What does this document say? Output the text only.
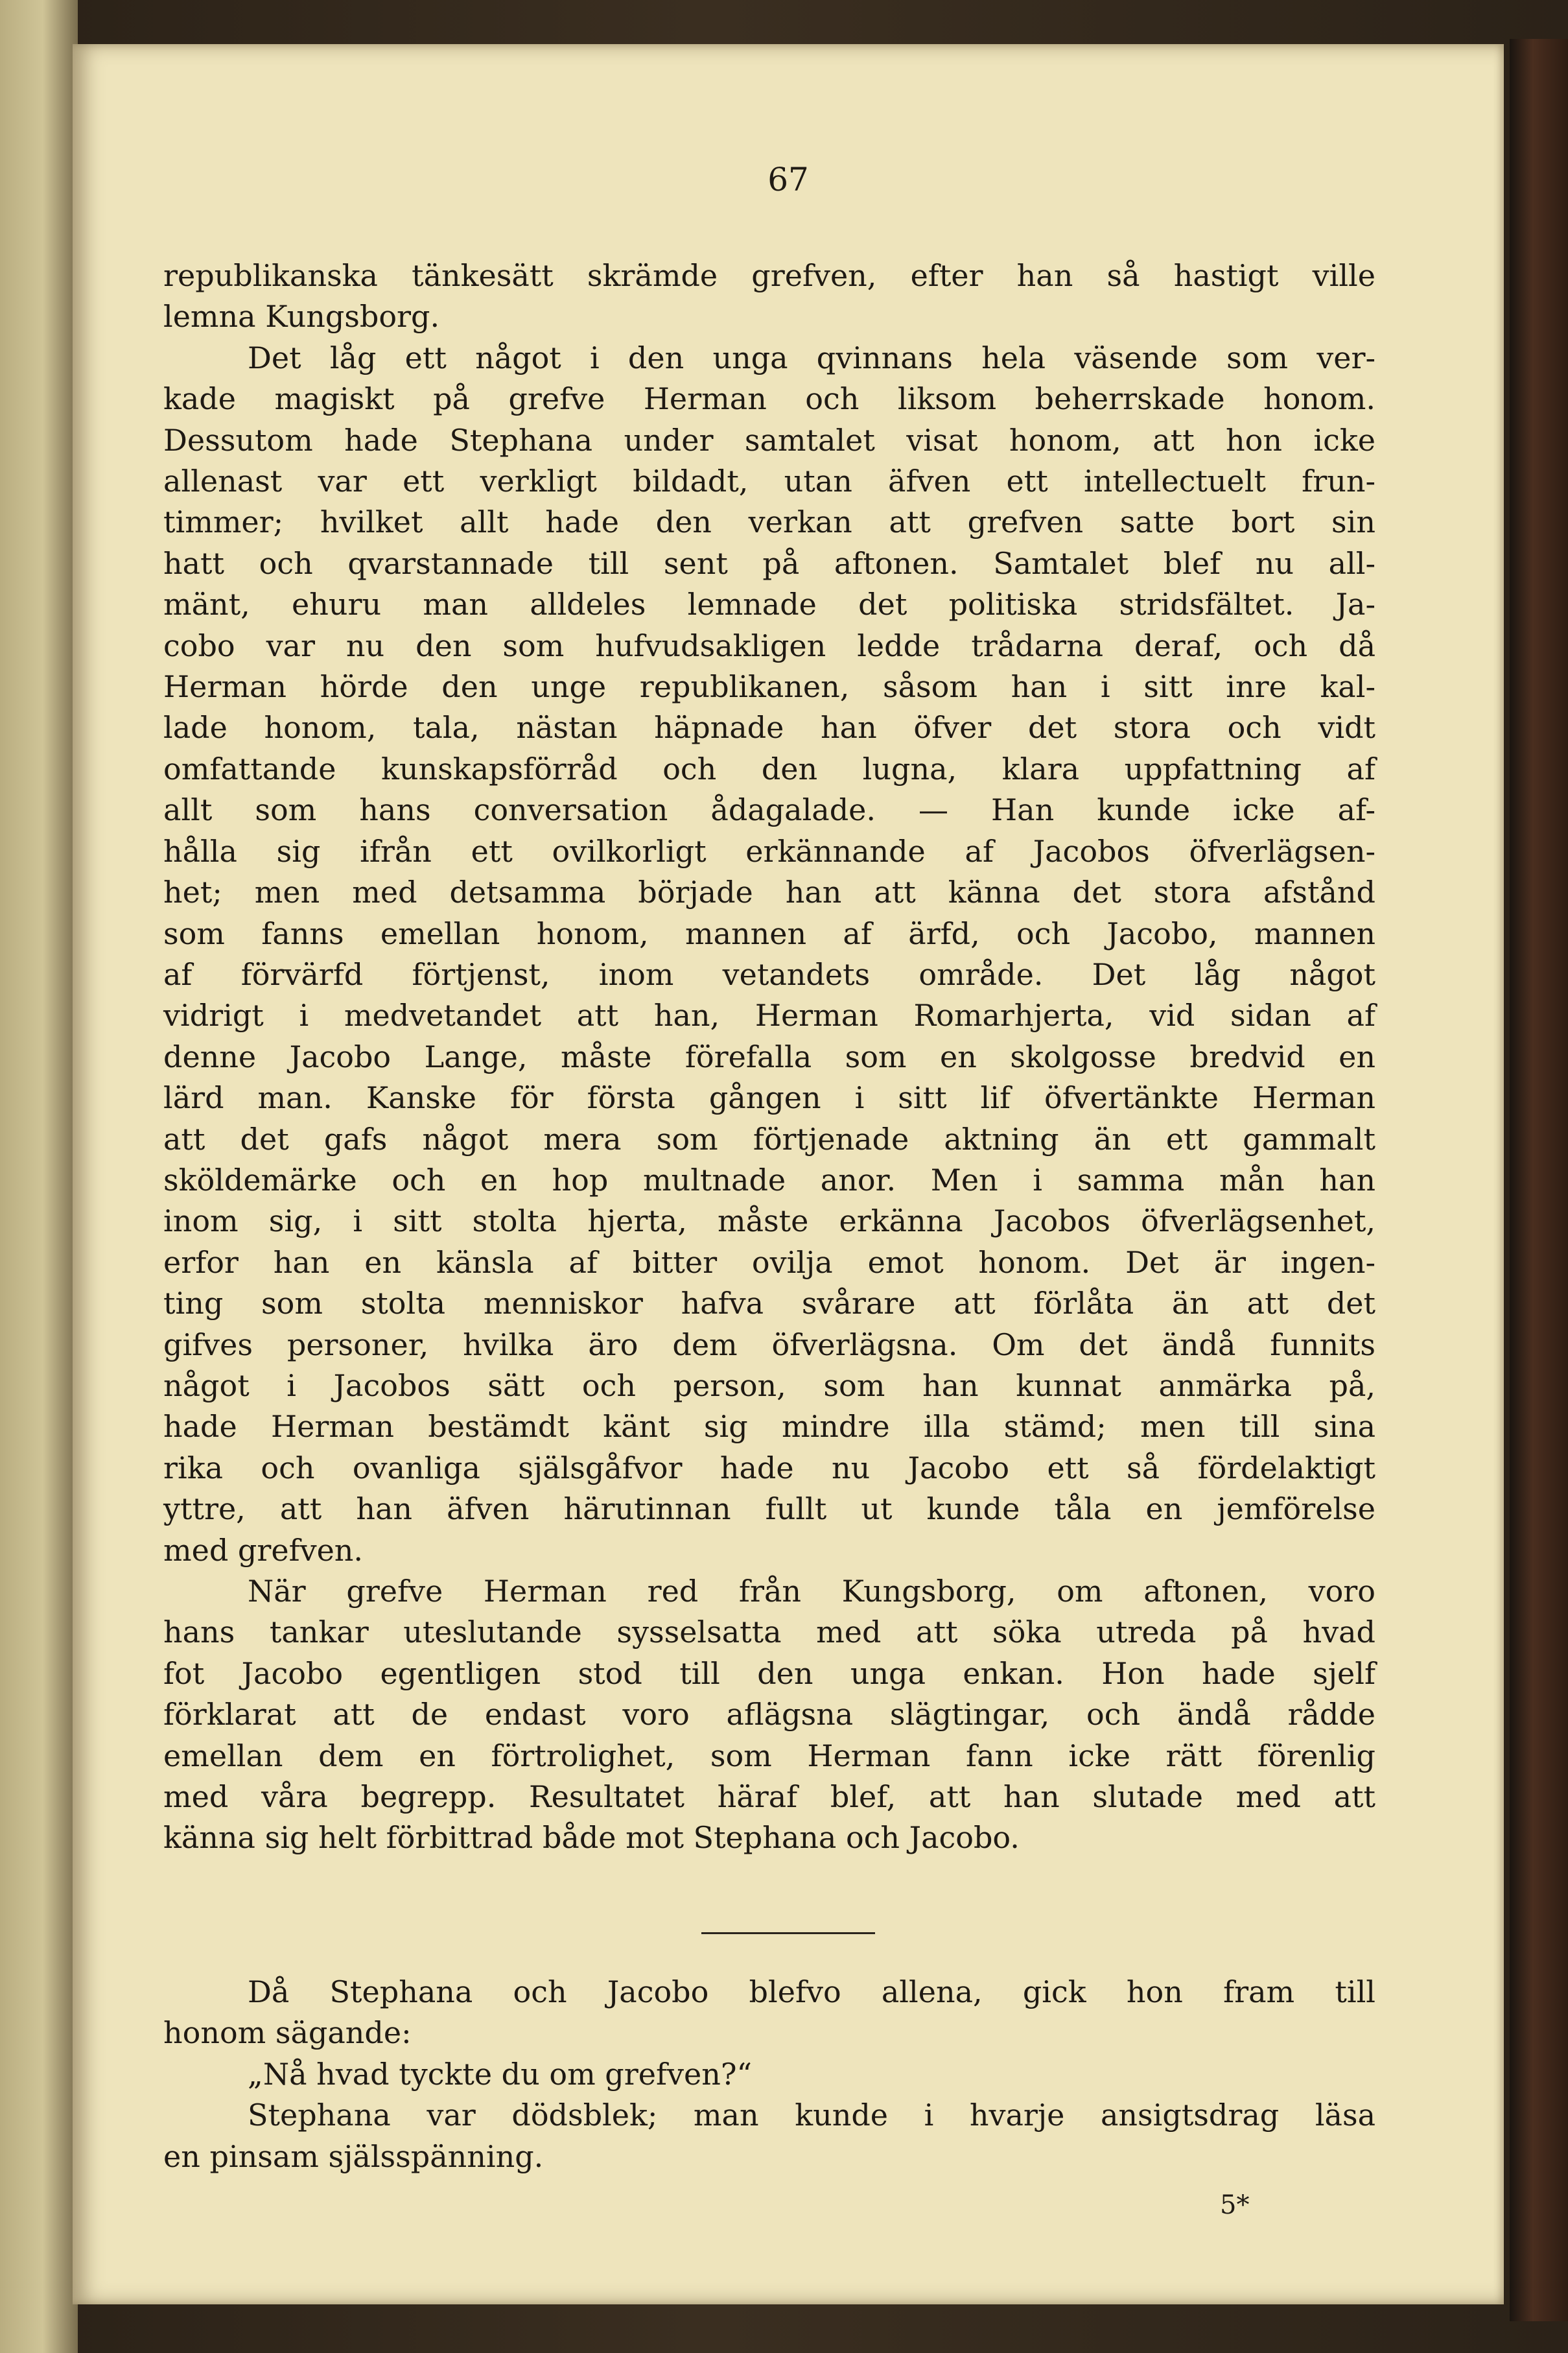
67
republikanska tänkesätt skrämde grefven, efter han så hastigt ville
lemna Kungsborg.
Det låg ett något i den unga qvinnans hela väsende som ver-
kade magiskt på grefve Herman och liksom beherrskade honom.
Dessutom hade Stephana under samtalet visat honom, att hon icke
allenast var ett verkligt bildadt, utan äfven ett intellectuelt frun-
timmer; hvilket allt hade den verkan att grefven satte bort sin
hatt och qvarstannade till sent på aftonen. Samtalet blef nu all-
mänt, ehuru man alldeles lemnade det politiska stridsfältet. Ja-
cobo var nu den som hufvudsakligen ledde trådarna deraf, och då
Herman hörde den unge republikanen, såsom han i sitt inre kal-
lade honom, tala, nästan häpnade han öfver det stora och vidt
omfattande kunskapsförråd och den lugna, klara uppfattning af
allt som hans conversation ådagalade. — Han kunde icke af-
hålla sig ifrån ett ovilkorligt erkännande af Jacobos öfverlägsen-
het; men med detsamma började han att känna det stora afstånd
som fanns emellan honom, mannen af ärfd, och Jacobo, mannen
af förvärfd förtjenst, inom vetandets område. Det låg något
vidrigt i medvetandet att han, Herman Romarhjerta, vid sidan af
denne Jacobo Lange, måste förefalla som en skolgosse bredvid en
lärd man. Kanske för första gången i sitt lif öfvertänkte Herman
att det gafs något mera som förtjenade aktning än ett gammalt
sköldemärke och en hop multnade anor. Men i samma mån han
inom sig, i sitt stolta hjerta, måste erkänna Jacobos öfverlägsenhet,
erfor han en känsla af bitter ovilja emot honom. Det är ingen-
ting som stolta menniskor hafva svårare att förlåta än att det
gifves personer, hvilka äro dem öfverlägsna. Om det ändå funnits
något i Jacobos sätt och person, som han kunnat anmärka på,
hade Herman bestämdt känt sig mindre illa stämd; men till sina
rika och ovanliga själsgåfvor hade nu Jacobo ett så fördelaktigt
yttre, att han äfven härutinnan fullt ut kunde tåla en jemförelse
med grefven.
När grefve Herman red från Kungsborg, om aftonen, voro
hans tankar uteslutande sysselsatta med att söka utreda på hvad
fot Jacobo egentligen stod till den unga enkan. Hon hade sjelf
förklarat att de endast voro aflägsna slägtingar, och ändå rådde
emellan dem en förtrolighet, som Herman fann icke rätt förenlig
med våra begrepp. Resultatet häraf blef, att han slutade med att
känna sig helt förbittrad både mot Stephana och Jacobo.
Då Stephana och Jacobo blefvo allena, gick hon fram till
honom sägande:
„Nå hvad tyckte du om grefven?“
Stephana var dödsblek; man kunde i hvarje ansigtsdrag läsa
en pinsam själsspänning.
5*
